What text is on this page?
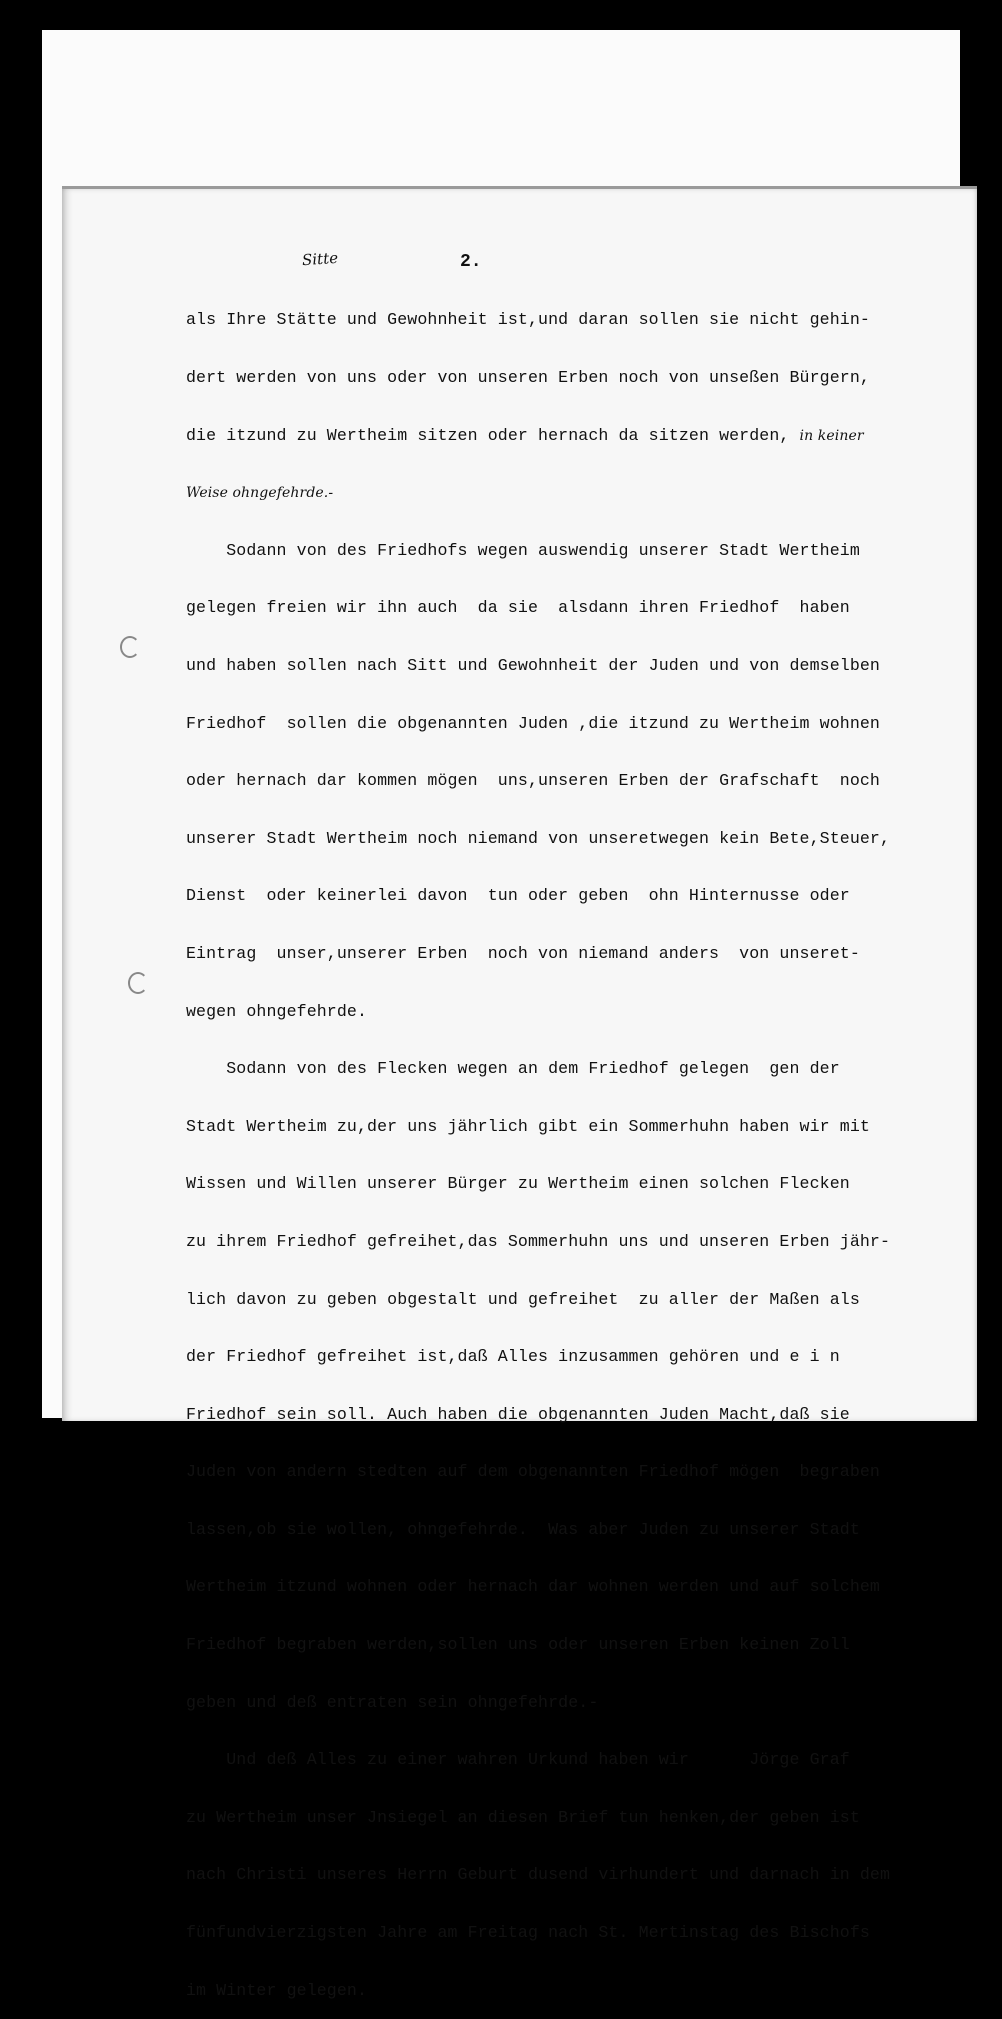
Sitte	2.

als Ihre Stätte und Gewohnheit ist,und daran sollen sie nicht gehin-

dert werden von uns oder von unseren Erben noch von unseßen Bürgern,

die itzund zu Wertheim sitzen oder hernach da sitzen werden, in keiner

Weise ohngefehrde.-

Sodann von des Friedhofs wegen auswendig unserer Stadt Wertheim

gelegen freien wir ihn auch  da sie  alsdann ihren Friedhof  haben

und haben sollen nach Sitt und Gewohnheit der Juden und von demselben

Friedhof  sollen die obgenannten Juden ,die itzund zu Wertheim wohnen

oder hernach dar kommen mögen  uns,unseren Erben der Grafschaft  noch

unserer Stadt Wertheim noch niemand von unseretwegen kein Bete,Steuer,

Dienst  oder keinerlei davon  tun oder geben  ohn Hinternusse oder

Eintrag  unser,unserer Erben  noch von niemand anders  von unseret-

wegen ohngefehrde.

Sodann von des Flecken wegen an dem Friedhof gelegen  gen der

Stadt Wertheim zu,der uns jährlich gibt ein Sommerhuhn haben wir mit

Wissen und Willen unserer Bürger zu Wertheim einen solchen Flecken

zu ihrem Friedhof gefreihet,das Sommerhuhn uns und unseren Erben jähr-

lich davon zu geben obgestalt und gefreihet  zu aller der Maßen als

der Friedhof gefreihet ist,daß Alles inzusammen gehören und e i n

Friedhof sein soll. Auch haben die obgenannten Juden Macht,daß sie

Juden von andern stedten auf dem obgenannten Friedhof mögen  begraben

lassen,ob sie wollen, ohngefehrde.  Was aber Juden zu unserer Stadt

Wertheim itzund wohnen oder hernach dar wohnen werden und auf solchem

Friedhof begraben werden,sollen uns oder unseren Erben keinen Zoll

geben und deß entraten sein ohngefehrde.-

Und deß Alles zu einer wahren Urkund haben wir      Jörge Graf

zu Wertheim unser Jnsiegel an diesen Brief tun henken,der geben ist

nach Christi unseres Herrn Geburt dusend virhundert und darnach in dem

fünfundvierzigsten Jahre am Freitag nach St. Mertinstag des Bischofs

im Winter gelegen.
